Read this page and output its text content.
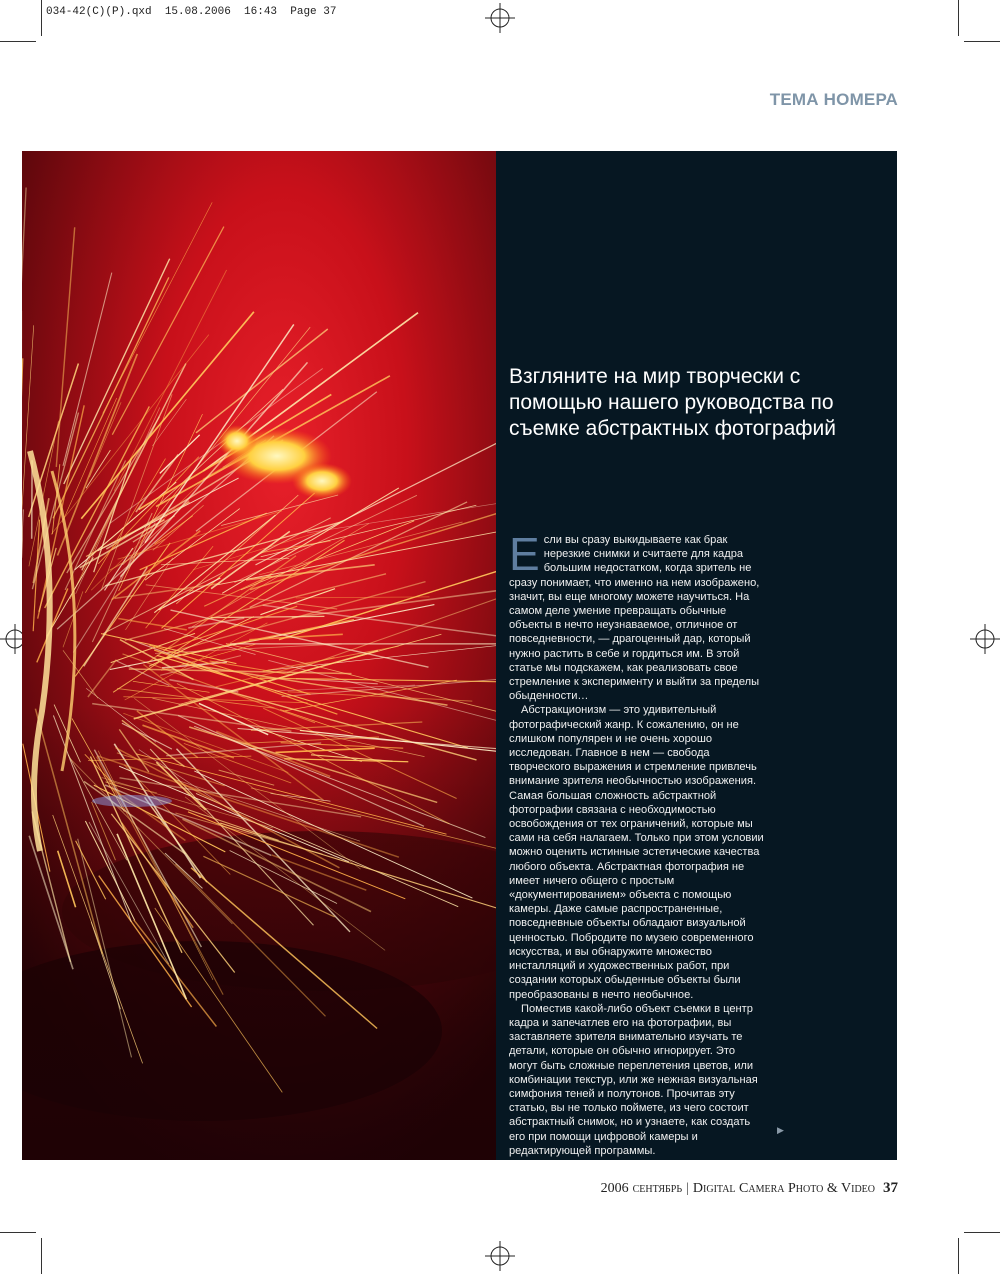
034-42(C)(P).qxd  15.08.2006  16:43  Page 37
ТЕМА НОМЕРА
Взгляните на мир творчески с помощью нашего руководства по съемке абстрактных фотографий

Если вы сразу выкидываете как брак нерезкие снимки и считаете для кадра большим недостатком, когда зритель не сразу понимает, что именно на нем изображено, значит, вы еще многому можете научиться. На самом деле умение превращать обычные объекты в нечто неузнаваемое, отличное от повседневности, — драгоценный дар, который нужно растить в себе и гордиться им. В этой статье мы подскажем, как реализовать свое стремление к эксперименту и выйти за пределы обыденности…

Абстракционизм — это удивительный фотографический жанр. К сожалению, он не слишком популярен и не очень хорошо исследован. Главное в нем — свобода творческого выражения и стремление привлечь внимание зрителя необычностью изображения. Самая большая сложность абстрактной фотографии связана с необходимостью освобождения от тех ограничений, которые мы сами на себя налагаем. Только при этом условии можно оценить истинные эстетические качества любого объекта. Абстрактная фотография не имеет ничего общего с простым «документированием» объекта с помощью камеры. Даже самые распространенные, повседневные объекты обладают визуальной ценностью. Побродите по музею современного искусства, и вы обнаружите множество инсталляций и художественных работ, при создании которых обыденные объекты были преобразованы в нечто необычное.

Поместив какой-либо объект съемки в центр кадра и запечатлев его на фотографии, вы заставляете зрителя внимательно изучать те детали, которые он обычно игнорирует. Это могут быть сложные переплетения цветов, или комбинации текстур, или же нежная визуальная симфония теней и полутонов. Прочитав эту статью, вы не только поймете, из чего состоит абстрактный снимок, но и узнаете, как создать его при помощи цифровой камеры и редактирующей программы.

▶
2006 сентябрь | Digital Camera Photo & Video 37
